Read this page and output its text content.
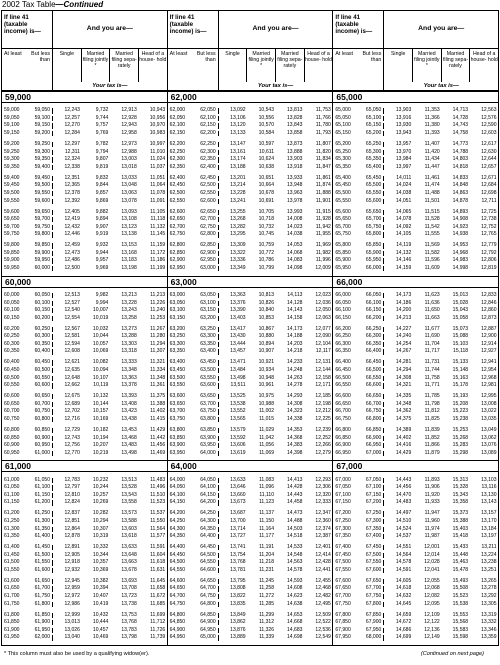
2002 Tax Table—Continued
If line 41 (taxable income) is—	And you are—
At least	But less than
Single	Married filing jointly *
Married filing sepa- rately
Head of a house- hold
Your tax is—
59,000
59,000	59,050	12,243	9,732	12,913	10,943
59,050	59,100	12,257	9,744	12,928	10,956
59,100	59,150	12,270	9,757	12,943	10,970
59,150	59,200	12,284	9,769	12,958	10,983
59,200	59,250	12,297	9,782	12,973	10,997
59,250	59,300	12,311	9,794	12,988	11,010
59,300	59,350	12,324	9,807	13,003	11,024
59,350	59,400	12,338	9,819	13,018	11,037
59,400	59,450	12,351	9,832	13,033	11,051
59,450	59,500	12,365	9,844	13,048	11,064
59,500	59,550	12,378	9,857	13,063	11,078
59,550	59,600	12,392	9,869	13,078	11,091
59,600	59,650	12,405	9,882	13,093	11,105
59,650	59,700	12,419	9,894	13,108	11,118
59,700	59,750	12,432	9,907	13,123	11,132
59,750	59,800	12,446	9,919	13,138	11,145
59,800	59,850	12,459	9,932	13,153	11,159
59,850	59,900	12,473	9,944	13,168	11,172
59,900	59,950	12,486	9,957	13,183	11,186
59,950	60,000	12,500	9,969	13,198	11,199
60,000
60,000	60,050	12,513	9,982	13,213	11,213
60,050	60,100	12,527	9,994	13,228	11,226
60,100	60,150	12,540	10,007	13,243	11,240
60,150	60,200	12,554	10,019	13,258	11,253
60,200	60,250	12,567	10,032	13,273	11,267
60,250	60,300	12,581	10,044	13,288	11,280
60,300	60,350	12,594	10,057	13,303	11,294
60,350	60,400	12,608	10,069	13,318	11,307
60,400	60,450	12,621	10,082	13,333	11,321
60,450	60,500	12,635	10,094	13,348	11,334
60,500	60,550	12,648	10,107	13,363	11,348
60,550	60,600	12,662	10,119	13,378	11,361
60,600	60,650	12,675	10,132	13,393	11,375
60,650	60,700	12,689	10,144	13,408	11,388
60,700	60,750	12,702	10,157	13,423	11,402
60,750	60,800	12,716	10,169	13,438	11,415
60,800	60,850	12,729	10,182	13,453	11,429
60,850	60,900	12,743	10,194	13,468	11,442
60,900	60,950	12,756	10,207	13,483	11,456
60,950	61,000	12,770	10,219	13,498	11,469
61,000
61,000	61,050	12,783	10,232	13,513	11,483
61,050	61,100	12,797	10,244	13,528	11,496
61,100	61,150	12,810	10,257	13,543	11,510
61,150	61,200	12,824	10,269	13,558	11,523
61,200	61,250	12,837	10,282	13,573	11,537
61,250	61,300	12,851	10,294	13,588	11,550
61,300	61,350	12,864	10,307	13,603	11,564
61,350	61,400	12,878	10,319	13,618	11,577
61,400	61,450	12,891	10,332	13,633	11,591
61,450	61,500	12,905	10,344	13,648	11,604
61,500	61,550	12,918	10,357	13,663	11,618
61,550	61,600	12,932	10,369	13,678	11,631
61,600	61,650	12,945	10,382	13,693	11,645
61,650	61,700	12,959	10,394	13,708	11,658
61,700	61,750	12,972	10,407	13,723	11,672
61,750	61,800	12,986	10,419	13,738	11,685
61,800	61,850	12,999	10,432	13,753	11,699
61,850	61,900	13,013	10,444	13,768	11,712
61,900	61,950	13,026	10,457	13,783	11,726
61,950	62,000	13,040	10,469	13,798	11,739
If line 41 (taxable income) is—	And you are—
At least	But less than
Single	Married filing jointly *
Married filing sepa- rately
Head of a house- hold
Your tax is—
62,000
62,000	62,050	13,092	10,543	13,813	11,753
62,050	62,100	13,106	10,556	13,828	11,766
62,100	62,150	13,120	10,570	13,843	11,780
62,150	62,200	13,133	10,584	13,858	11,793
62,200	62,250	13,147	10,597	13,873	11,807
62,250	62,300	13,161	10,611	13,888	11,820
62,300	62,350	13,174	10,624	13,903	11,834
62,350	62,400	13,188	10,638	13,918	11,847
62,400	62,450	13,201	10,651	13,933	11,861
62,450	62,500	13,214	10,664	13,948	11,874
62,500	62,550	13,228	10,678	13,963	11,888
62,550	62,600	13,241	10,691	13,978	11,901
62,600	62,650	13,255	10,705	13,993	11,915
62,650	62,700	13,268	10,718	14,008	11,928
62,700	62,750	13,282	10,732	14,023	11,942
62,750	62,800	13,295	10,745	14,038	11,955
62,800	62,850	13,309	10,759	14,053	11,969
62,850	62,900	13,322	10,772	14,068	11,982
62,900	62,950	13,336	10,786	14,083	11,996
62,950	63,000	13,349	10,799	14,098	12,009
63,000
63,000	63,050	13,363	10,813	14,113	12,023
63,050	63,100	13,376	10,826	14,128	12,036
63,100	63,150	13,390	10,840	14,143	12,050
63,150	63,200	13,403	10,853	14,158	12,063
63,200	63,250	13,417	10,867	14,173	12,077
63,250	63,300	13,430	10,880	14,188	12,090
63,300	63,350	13,444	10,894	14,203	12,104
63,350	63,400	13,457	10,907	14,218	12,117
63,400	63,450	13,471	10,921	14,233	12,131
63,450	63,500	13,484	10,934	14,248	12,144
63,500	63,550	13,498	10,948	14,263	12,158
63,550	63,600	13,511	10,961	14,278	12,171
63,600	63,650	13,525	10,975	14,293	12,185
63,650	63,700	13,538	10,988	14,308	12,198
63,700	63,750	13,552	11,002	14,323	12,212
63,750	63,800	13,565	11,015	14,338	12,225
63,800	63,850	13,579	11,029	14,353	12,239
63,850	63,900	13,592	11,042	14,368	12,252
63,900	63,950	13,606	11,056	14,383	12,266
63,950	64,000	13,619	11,069	14,398	12,279
64,000
64,000	64,050	13,633	11,083	14,413	12,293
64,050	64,100	13,646	11,096	14,428	12,306
64,100	64,150	13,660	11,110	14,443	12,320
64,150	64,200	13,673	11,123	14,458	12,333
64,200	64,250	13,687	11,137	14,473	12,347
64,250	64,300	13,700	11,150	14,488	12,360
64,300	64,350	13,714	11,164	14,503	12,374
64,350	64,400	13,727	11,177	14,518	12,387
64,400	64,450	13,741	11,191	14,533	12,401
64,450	64,500	13,754	11,204	14,548	12,414
64,500	64,550	13,768	11,218	14,563	12,428
64,550	64,600	13,781	11,231	14,578	12,441
64,600	64,650	13,795	11,245	14,593	12,455
64,650	64,700	13,808	11,258	14,608	12,468
64,700	64,750	13,822	11,272	14,623	12,482
64,750	64,800	13,835	11,285	14,638	12,495
64,800	64,850	13,849	11,299	14,653	12,509
64,850	64,900	13,862	11,312	14,668	12,522
64,900	64,950	13,876	11,326	14,683	12,536
64,950	65,000	13,889	11,339	14,698	12,549
If line 41 (taxable income) is—	And you are—
At least	But less than
Single	Married filing jointly *
Married filing sepa- rately
Head of a house- hold
Your tax is—
65,000
65,000	65,050	13,903	11,353	14,713	12,563
65,050	65,100	13,916	11,366	14,728	12,576
65,100	65,150	13,930	11,380	14,743	12,590
65,150	65,200	13,943	11,393	14,758	12,603
65,200	65,250	13,957	11,407	14,773	12,617
65,250	65,300	13,970	11,420	14,788	12,630
65,300	65,350	13,984	11,434	14,803	12,644
65,350	65,400	13,997	11,447	14,818	12,657
65,400	65,450	14,011	11,461	14,833	12,671
65,450	65,500	14,024	11,474	14,848	12,684
65,500	65,550	14,038	11,488	14,863	12,698
65,550	65,600	14,051	11,501	14,878	12,711
65,600	65,650	14,065	11,515	14,893	12,725
65,650	65,700	14,078	11,528	14,908	12,738
65,700	65,750	14,092	11,542	14,923	12,752
65,750	65,800	14,105	11,555	14,938	12,765
65,800	65,850	14,119	11,569	14,953	12,779
65,850	65,900	14,132	11,582	14,968	12,792
65,900	65,950	14,146	11,596	14,983	12,806
65,950	66,000	14,159	11,609	14,998	12,819
66,000
66,000	66,050	14,173	11,623	15,013	12,833
66,050	66,100	14,186	11,636	15,028	12,846
66,100	66,150	14,200	11,650	15,043	12,860
66,150	66,200	14,213	11,663	15,058	12,873
66,200	66,250	14,227	11,677	15,073	12,887
66,250	66,300	14,240	11,690	15,088	12,900
66,300	66,350	14,254	11,704	15,103	12,914
66,350	66,400	14,267	11,717	15,118	12,927
66,400	66,450	14,281	11,731	15,133	12,941
66,450	66,500	14,294	11,744	15,148	12,954
66,500	66,550	14,308	11,758	15,163	12,968
66,550	66,600	14,321	11,771	15,178	12,981
66,600	66,650	14,335	11,785	15,193	12,995
66,650	66,700	14,348	11,798	15,208	13,008
66,700	66,750	14,362	11,812	15,223	13,022
66,750	66,800	14,375	11,825	15,238	13,035
66,800	66,850	14,389	11,839	15,253	13,049
66,850	66,900	14,402	11,852	15,268	13,062
66,900	66,950	14,416	11,866	15,283	13,076
66,950	67,000	14,429	11,879	15,298	13,089
67,000
67,000	67,050	14,443	11,893	15,313	13,103
67,050	67,100	14,456	11,906	15,328	13,116
67,100	67,150	14,470	11,920	15,343	13,130
67,150	67,200	14,483	11,933	15,358	13,143
67,200	67,250	14,497	11,947	15,373	13,157
67,250	67,300	14,510	11,960	15,388	13,170
67,300	67,350	14,524	11,974	15,403	13,184
67,350	67,400	14,537	11,987	15,418	13,197
67,400	67,450	14,551	12,001	15,433	13,211
67,450	67,500	14,564	12,014	15,448	13,224
67,500	67,550	14,578	12,028	15,463	13,238
67,550	67,600	14,591	12,041	15,478	13,251
67,600	67,650	14,605	12,055	15,493	13,265
67,650	67,700	14,618	12,068	15,508	13,278
67,700	67,750	14,632	12,082	15,523	13,292
67,750	67,800	14,645	12,095	15,538	13,305
67,800	67,850	14,659	12,109	15,553	13,319
67,850	67,900	14,672	12,122	15,568	13,332
67,900	67,950	14,686	12,136	15,583	13,346
67,950	68,000	14,699	12,149	15,598	13,359
* This column must also be used by a qualifying widow(er).	(Continued on next page)
